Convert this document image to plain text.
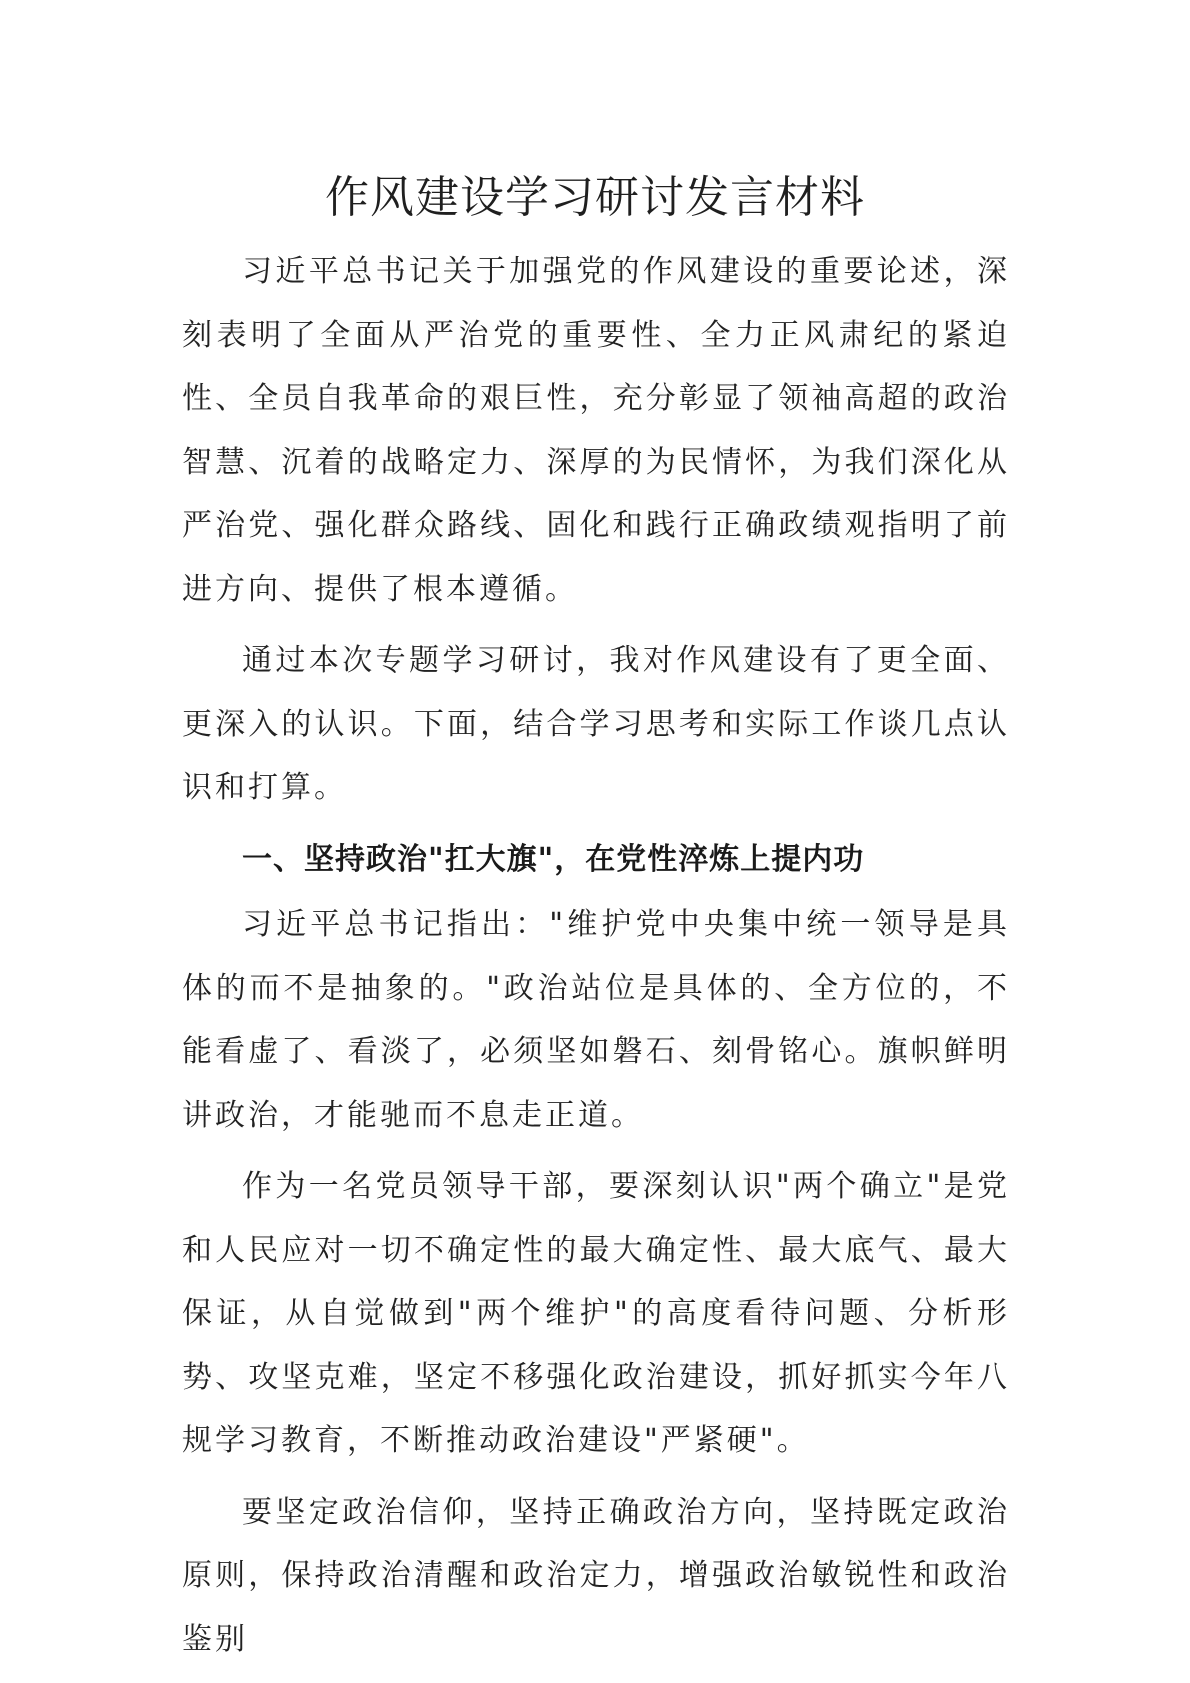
作风建设学习研讨发言材料

习近平总书记关于加强党的作风建设的重要论述，深刻表明了全面从严治党的重要性、全力正风肃纪的紧迫性、全员自我革命的艰巨性，充分彰显了领袖高超的政治智慧、沉着的战略定力、深厚的为民情怀，为我们深化从严治党、强化群众路线、固化和践行正确政绩观指明了前进方向、提供了根本遵循。

通过本次专题学习研讨，我对作风建设有了更全面、更深入的认识。下面，结合学习思考和实际工作谈几点认识和打算。

一、坚持政治"扛大旗"，在党性淬炼上提内功

习近平总书记指出："维护党中央集中统一领导是具体的而不是抽象的。"政治站位是具体的、全方位的，不能看虚了、看淡了，必须坚如磐石、刻骨铭心。旗帜鲜明讲政治，才能驰而不息走正道。

作为一名党员领导干部，要深刻认识"两个确立"是党和人民应对一切不确定性的最大确定性、最大底气、最大保证，从自觉做到"两个维护"的高度看待问题、分析形势、攻坚克难，坚定不移强化政治建设，抓好抓实今年八规学习教育，不断推动政治建设"严紧硬"。

要坚定政治信仰，坚持正确政治方向，坚持既定政治原则，保持政治清醒和政治定力，增强政治敏锐性和政治鉴别
